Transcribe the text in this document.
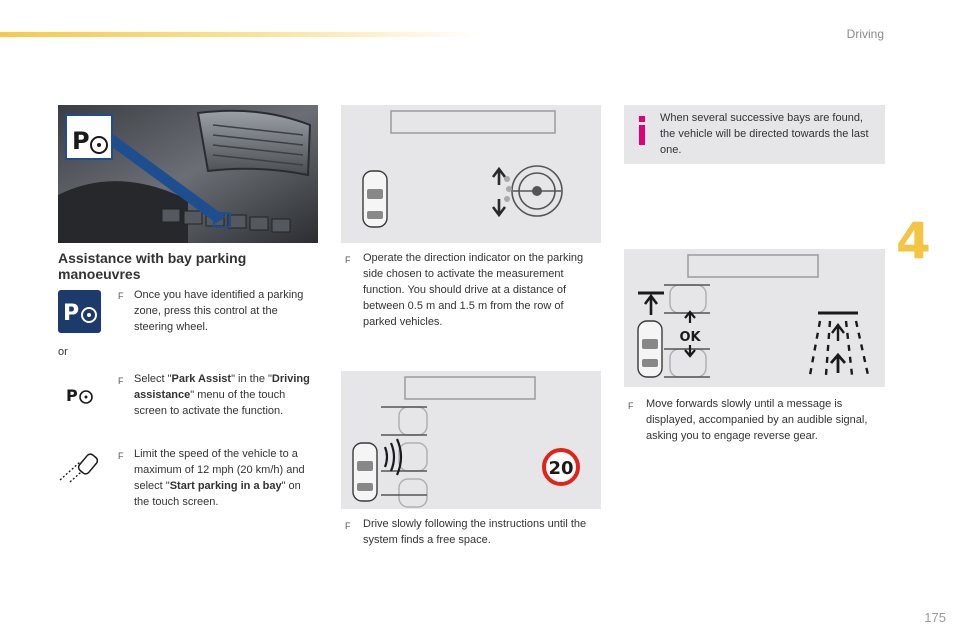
Driving
4
175
P
Assistance with bay parking manoeuvres
P
F Once you have identified a parking zone, press this control at the steering wheel.
or
P
F Select "Park Assist" in the "Driving assistance" menu of the touch screen to activate the function.
F Limit the speed of the vehicle to a maximum of 12 mph (20 km/h) and select "Start parking in a bay" on the touch screen.
F Operate the direction indicator on the parking side chosen to activate the measurement function. You should drive at a distance of between 0.5 m and 1.5 m from the row of parked vehicles.
20
F Drive slowly following the instructions until the system finds a free space.
When several successive bays are found, the vehicle will be directed towards the last one.
OK
F Move forwards slowly until a message is displayed, accompanied by an audible signal, asking you to engage reverse gear.
